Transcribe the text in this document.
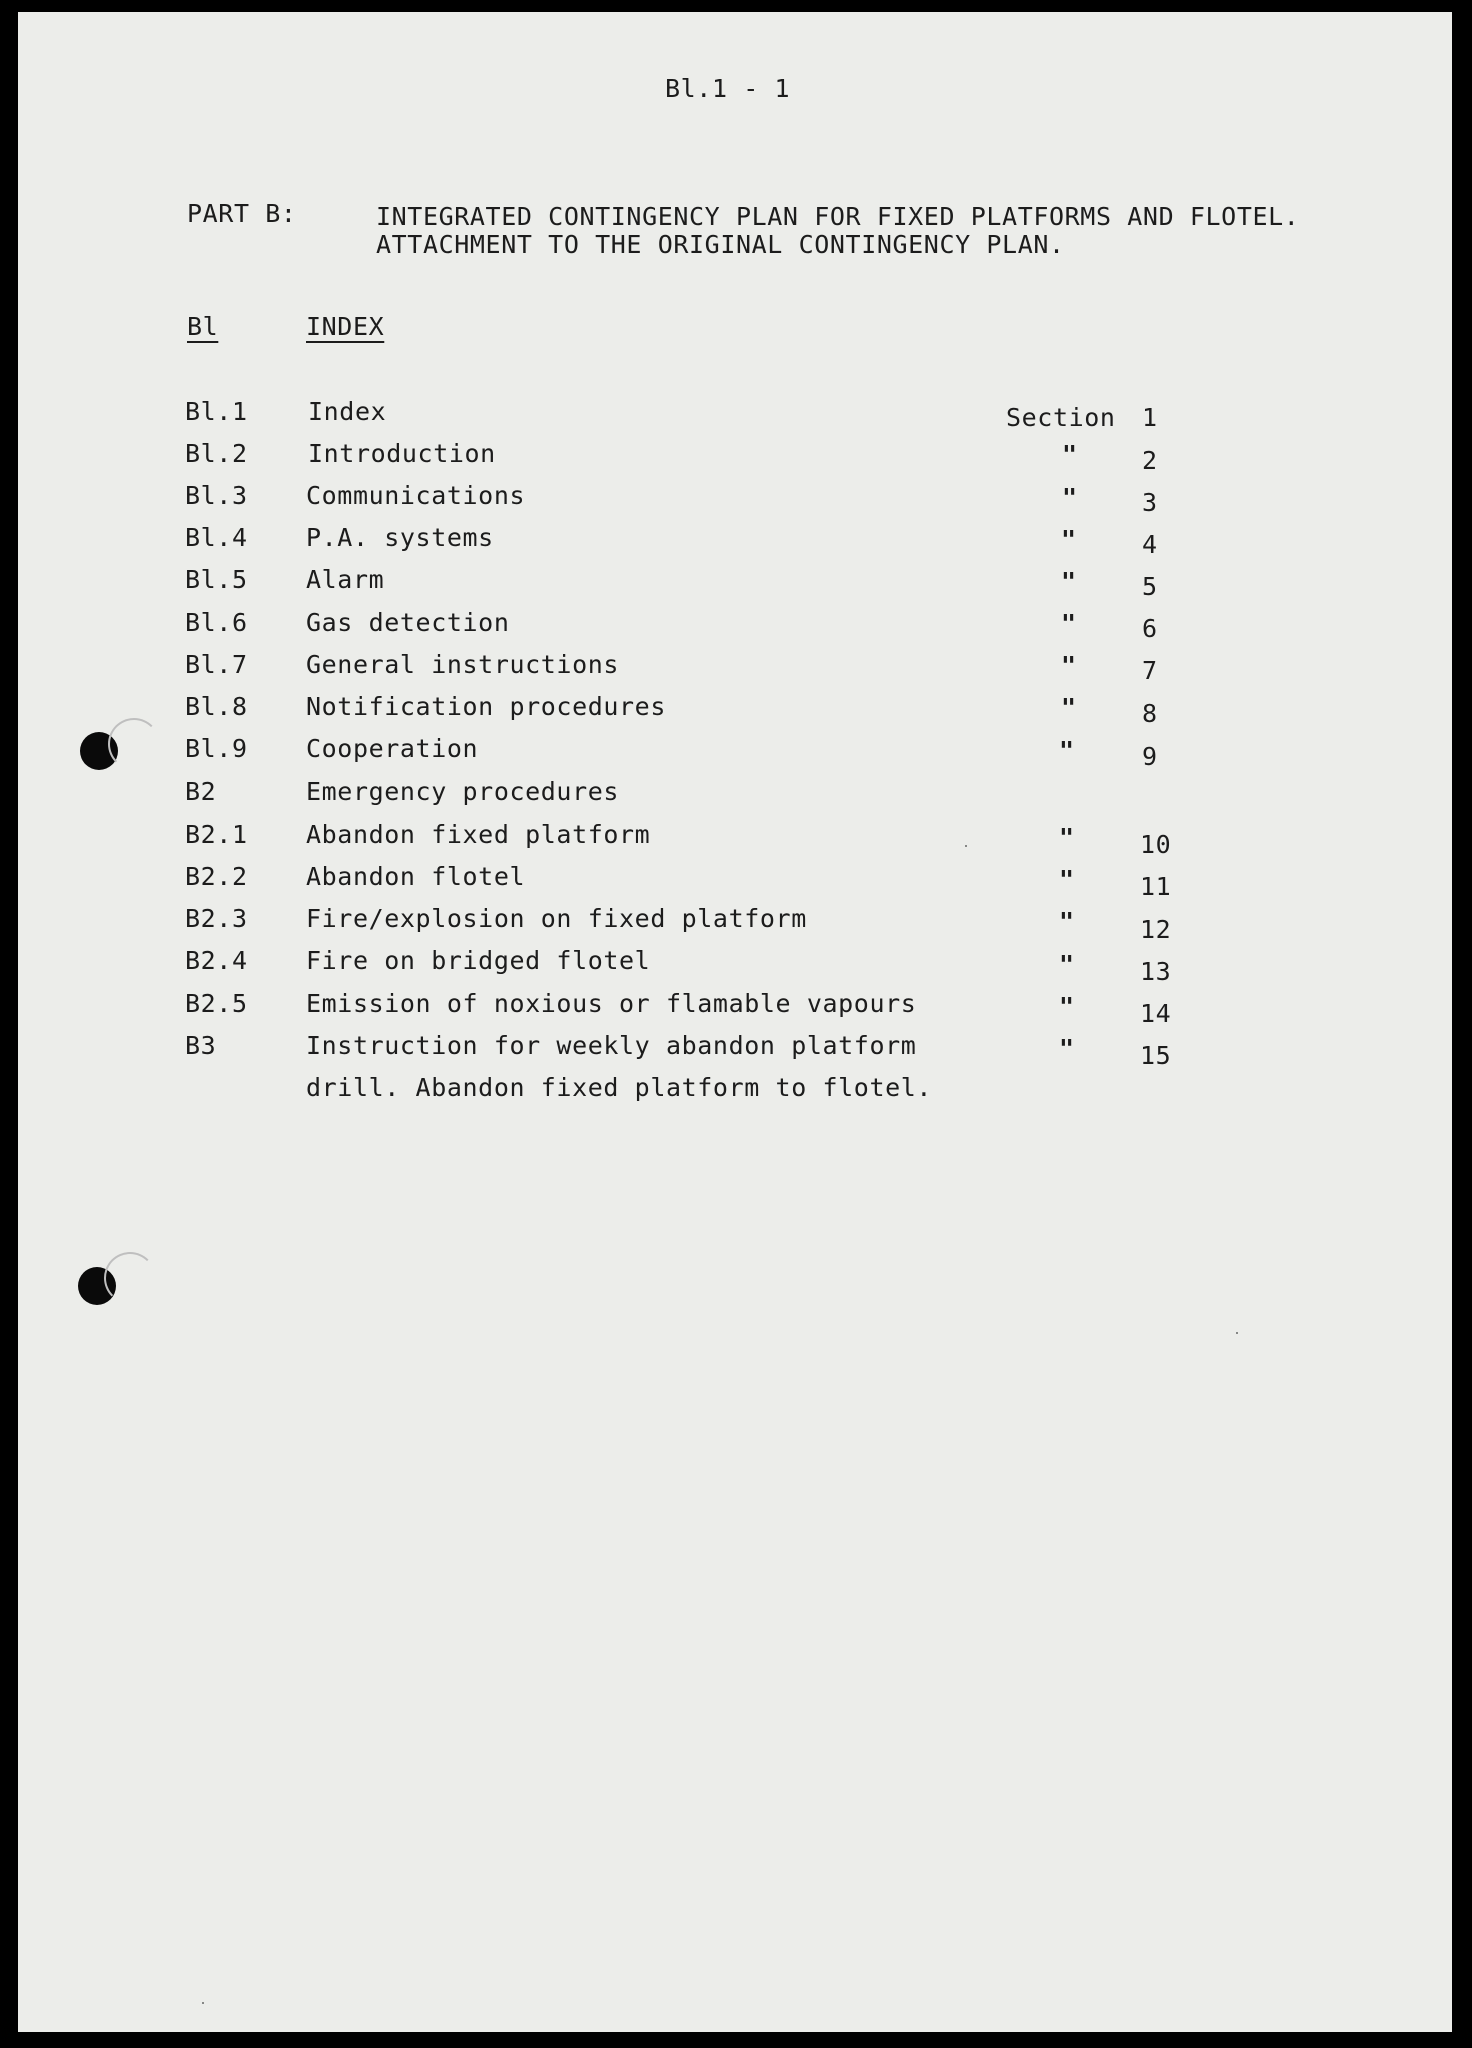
Bl.1 - 1
PART B:	INTEGRATED CONTINGENCY PLAN FOR FIXED PLATFORMS AND FLOTEL.
ATTACHMENT TO THE ORIGINAL CONTINGENCY PLAN.
Bl	INDEX
Bl.1 Index	Section 1
Bl.2 Introduction	"	2
Bl.3 Communications	"	3
Bl.4 P.A. systems	"	4
Bl.5 Alarm	"	5
Bl.6 Gas detection	"	6
Bl.7 General instructions	"	7
Bl.8 Notification procedures	"	8
Bl.9 Cooperation	"	9
B2	Emergency procedures
B2.1 Abandon fixed platform	"	10
B2.2 Abandon flotel	"	11
B2.3 Fire/explosion on fixed platform	"	12
B2.4 Fire on bridged flotel	"	13
B2.5 Emission of noxious or flamable vapours	"	14
B3	Instruction for weekly abandon platform	"	15
drill. Abandon fixed platform to flotel.
